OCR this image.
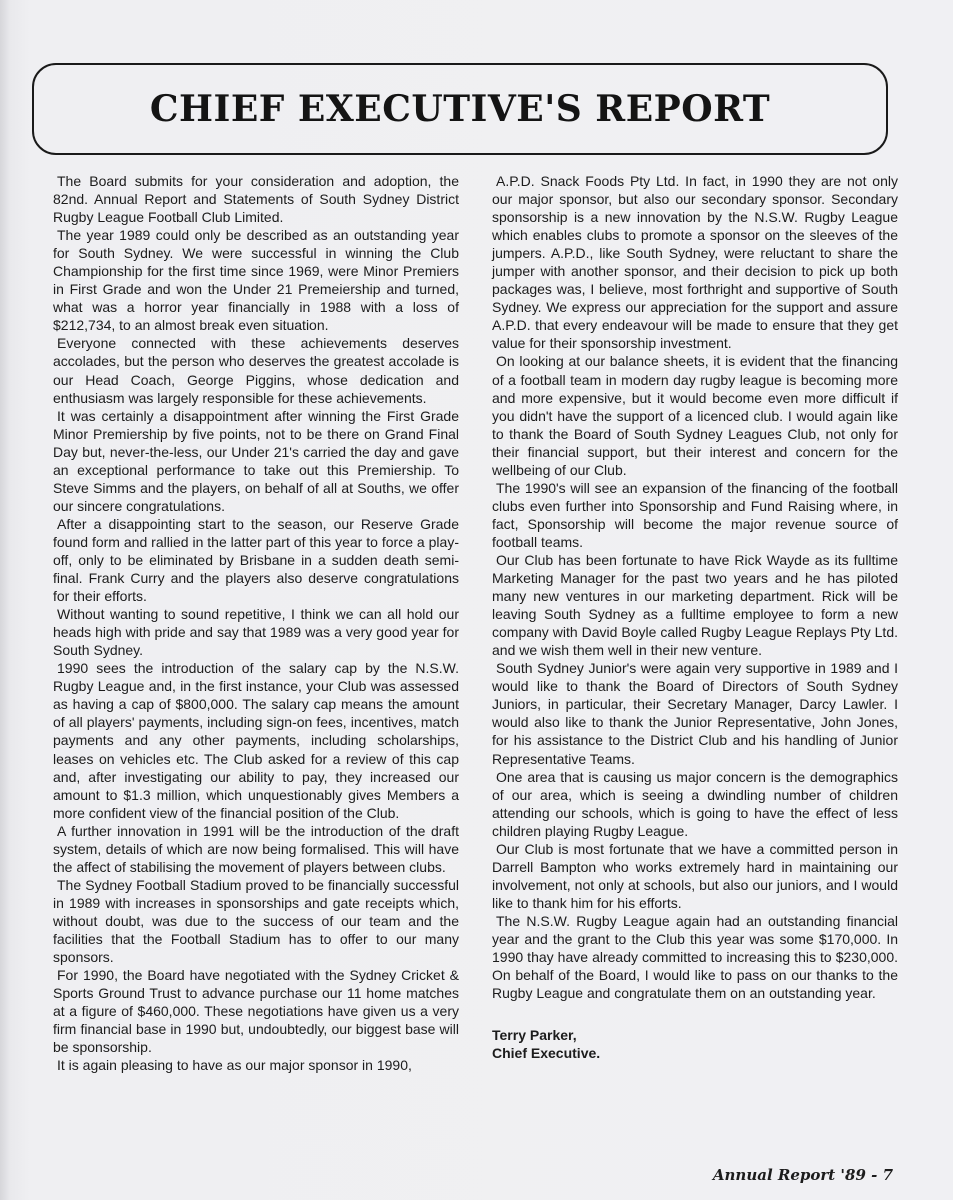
CHIEF EXECUTIVE'S REPORT

The Board submits for your consideration and adoption, the 82nd. Annual Report and Statements of South Sydney District Rugby League Football Club Limited.

The year 1989 could only be described as an outstanding year for South Sydney. We were successful in winning the Club Championship for the first time since 1969, were Minor Premiers in First Grade and won the Under 21 Premeiership and turned, what was a horror year financially in 1988 with a loss of $212,734, to an almost break even situation.

Everyone connected with these achievements deserves accolades, but the person who deserves the greatest accolade is our Head Coach, George Piggins, whose dedication and enthusiasm was largely responsible for these achievements.

It was certainly a disappointment after winning the First Grade Minor Premiership by five points, not to be there on Grand Final Day but, never-the-less, our Under 21's carried the day and gave an exceptional performance to take out this Premiership. To Steve Simms and the players, on behalf of all at Souths, we offer our sincere congratulations.

After a disappointing start to the season, our Reserve Grade found form and rallied in the latter part of this year to force a play-off, only to be eliminated by Brisbane in a sudden death semi-final. Frank Curry and the players also deserve congratulations for their efforts.

Without wanting to sound repetitive, I think we can all hold our heads high with pride and say that 1989 was a very good year for South Sydney.

1990 sees the introduction of the salary cap by the N.S.W. Rugby League and, in the first instance, your Club was assessed as having a cap of $800,000. The salary cap means the amount of all players' payments, including sign-on fees, incentives, match payments and any other payments, including scholarships, leases on vehicles etc. The Club asked for a review of this cap and, after investigating our ability to pay, they increased our amount to $1.3 million, which unquestionably gives Members a more confident view of the financial position of the Club.

A further innovation in 1991 will be the introduction of the draft system, details of which are now being formalised. This will have the affect of stabilising the movement of players between clubs.

The Sydney Football Stadium proved to be financially successful in 1989 with increases in sponsorships and gate receipts which, without doubt, was due to the success of our team and the facilities that the Football Stadium has to offer to our many sponsors.

For 1990, the Board have negotiated with the Sydney Cricket & Sports Ground Trust to advance purchase our 11 home matches at a figure of $460,000. These negotiations have given us a very firm financial base in 1990 but, undoubtedly, our biggest base will be sponsorship.

It is again pleasing to have as our major sponsor in 1990,

A.P.D. Snack Foods Pty Ltd. In fact, in 1990 they are not only our major sponsor, but also our secondary sponsor. Secondary sponsorship is a new innovation by the N.S.W. Rugby League which enables clubs to promote a sponsor on the sleeves of the jumpers. A.P.D., like South Sydney, were reluctant to share the jumper with another sponsor, and their decision to pick up both packages was, I believe, most forthright and supportive of South Sydney. We express our appreciation for the support and assure A.P.D. that every endeavour will be made to ensure that they get value for their sponsorship investment.

On looking at our balance sheets, it is evident that the financing of a football team in modern day rugby league is becoming more and more expensive, but it would become even more difficult if you didn't have the support of a licenced club. I would again like to thank the Board of South Sydney Leagues Club, not only for their financial support, but their interest and concern for the wellbeing of our Club.

The 1990's will see an expansion of the financing of the football clubs even further into Sponsorship and Fund Raising where, in fact, Sponsorship will become the major revenue source of football teams.

Our Club has been fortunate to have Rick Wayde as its fulltime Marketing Manager for the past two years and he has piloted many new ventures in our marketing department. Rick will be leaving South Sydney as a fulltime employee to form a new company with David Boyle called Rugby League Replays Pty Ltd. and we wish them well in their new venture.

South Sydney Junior's were again very supportive in 1989 and I would like to thank the Board of Directors of South Sydney Juniors, in particular, their Secretary Manager, Darcy Lawler. I would also like to thank the Junior Representative, John Jones, for his assistance to the District Club and his handling of Junior Representative Teams.

One area that is causing us major concern is the demographics of our area, which is seeing a dwindling number of children attending our schools, which is going to have the effect of less children playing Rugby League.

Our Club is most fortunate that we have a committed person in Darrell Bampton who works extremely hard in maintaining our involvement, not only at schools, but also our juniors, and I would like to thank him for his efforts.

The N.S.W. Rugby League again had an outstanding financial year and the grant to the Club this year was some $170,000. In 1990 thay have already committed to increasing this to $230,000. On behalf of the Board, I would like to pass on our thanks to the Rugby League and congratulate them on an outstanding year.

Terry Parker,
Chief Executive.
Annual Report '89 - 7
